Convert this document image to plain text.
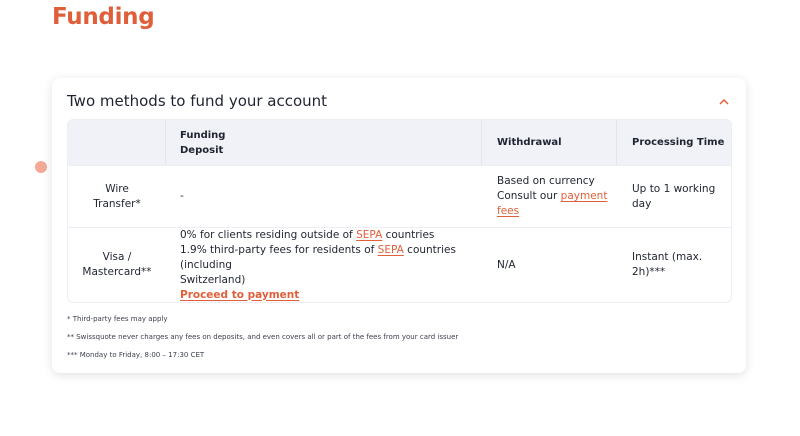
Funding
Two methods to fund your account
Funding
Deposit
Withdrawal	Processing Time
Wire
Transfer*
-
Based on currency
Consult our payment
fees
Up to 1 working
day
Visa /
Mastercard**
0% for clients residing outside of SEPA countries
1.9% third-party fees for residents of SEPA countries (including
Switzerland)
Proceed to payment
N/A
Instant (max.
2h)***
* Third-party fees may apply
** Swissquote never charges any fees on deposits, and even covers all or part of the fees from your card issuer
*** Monday to Friday, 8:00 – 17:30 CET
